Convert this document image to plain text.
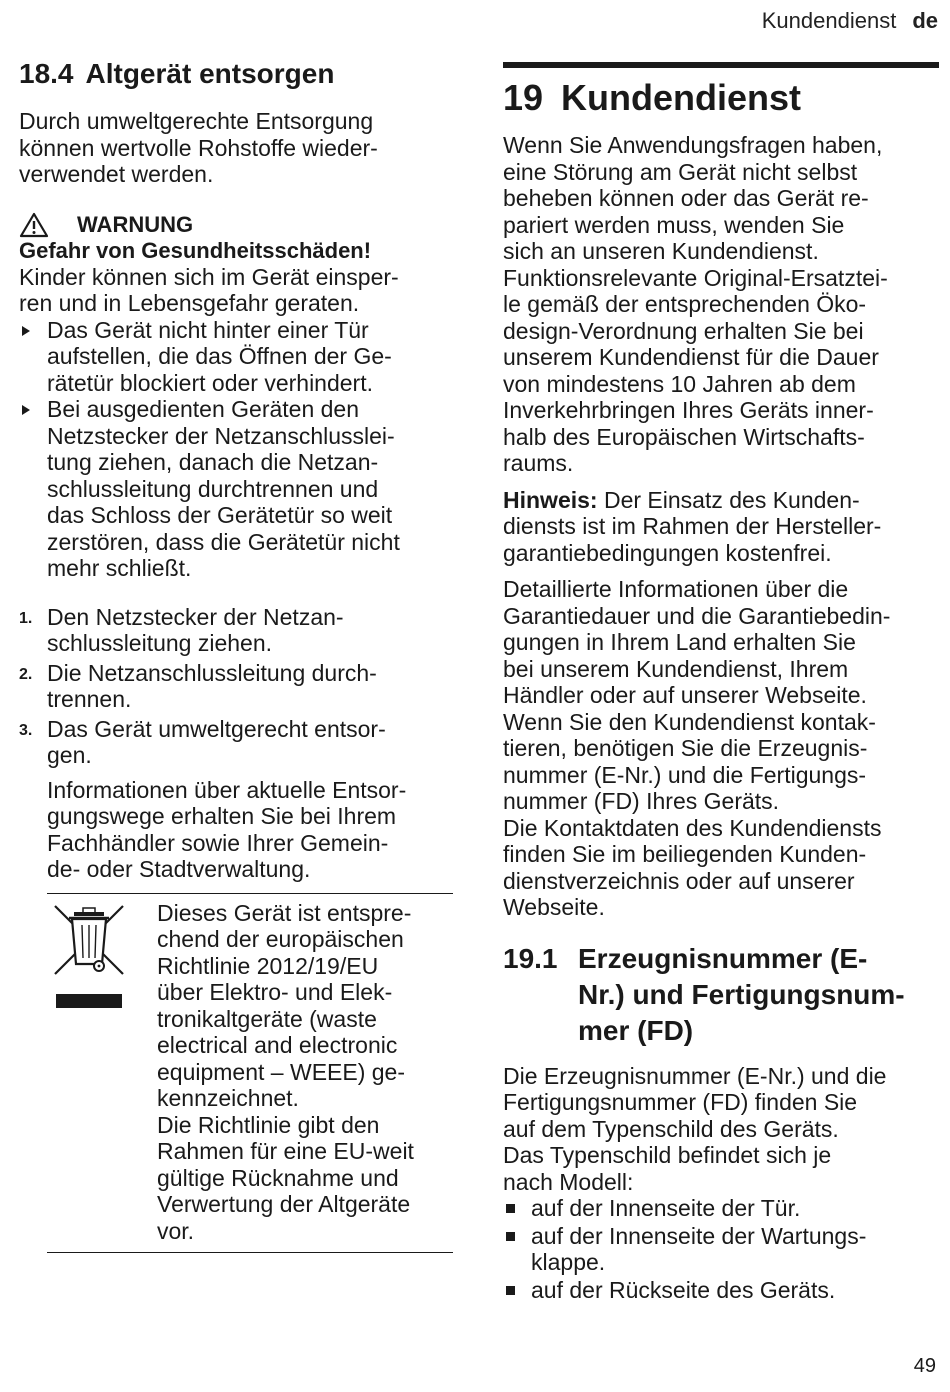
Kundendienst de
18.4 Altgerät entsorgen

Durch umweltgerechte Entsorgung

können wertvolle Rohstoffe wieder-

verwendet werden.

WARNUNG

Gefahr von Gesundheitsschäden!

Kinder können sich im Gerät einsper-

ren und in Lebensgefahr geraten.

Das Gerät nicht hinter einer Tür
aufstellen, die das Öffnen der Ge-
rätetür blockiert oder verhindert.
Bei ausgedienten Geräten den
Netzstecker der Netzanschlusslei-
tung ziehen, danach die Netzan-
schlussleitung durchtrennen und
das Schloss der Gerätetür so weit
zerstören, dass die Gerätetür nicht
mehr schließt.
1. Den Netzstecker der Netzan-
schlussleitung ziehen.
2. Die Netzanschlussleitung durch-
trennen.
3. Das Gerät umweltgerecht entsor-
gen.

Informationen über aktuelle Entsor-

gungswege erhalten Sie bei Ihrem

Fachhändler sowie Ihrer Gemein-

de- oder Stadtverwaltung.

Dieses Gerät ist entspre-
chend der europäischen
Richtlinie 2012/19/EU
über Elektro- und Elek-
tronikaltgeräte (waste
electrical and electronic
equipment – WEEE) ge-
kennzeichnet.
Die Richtlinie gibt den
Rahmen für eine EU-weit
gültige Rücknahme und
Verwertung der Altgeräte
vor.
19 Kundendienst

Wenn Sie Anwendungsfragen haben,

eine Störung am Gerät nicht selbst

beheben können oder das Gerät re-

pariert werden muss, wenden Sie

sich an unseren Kundendienst.

Funktionsrelevante Original-Ersatztei-

le gemäß der entsprechenden Öko-

design-Verordnung erhalten Sie bei

unserem Kundendienst für die Dauer

von mindestens 10 Jahren ab dem

Inverkehrbringen Ihres Geräts inner-

halb des Europäischen Wirtschafts-

raums.

Hinweis: Der Einsatz des Kunden-

diensts ist im Rahmen der Hersteller-

garantiebedingungen kostenfrei.

Detaillierte Informationen über die

Garantiedauer und die Garantiebedin-

gungen in Ihrem Land erhalten Sie

bei unserem Kundendienst, Ihrem

Händler oder auf unserer Webseite.

Wenn Sie den Kundendienst kontak-

tieren, benötigen Sie die Erzeugnis-

nummer (E-Nr.) und die Fertigungs-

nummer (FD) Ihres Geräts.

Die Kontaktdaten des Kundendiensts

finden Sie im beiliegenden Kunden-

dienstverzeichnis oder auf unserer

Webseite.

19.1 Erzeugnisnummer (E-
Nr.) und Fertigungsnum-
mer (FD)

Die Erzeugnisnummer (E-Nr.) und die

Fertigungsnummer (FD) finden Sie

auf dem Typenschild des Geräts.

Das Typenschild befindet sich je

nach Modell:

auf der Innenseite der Tür.
auf der Innenseite der Wartungs-
klappe.
auf der Rückseite des Geräts.
49
